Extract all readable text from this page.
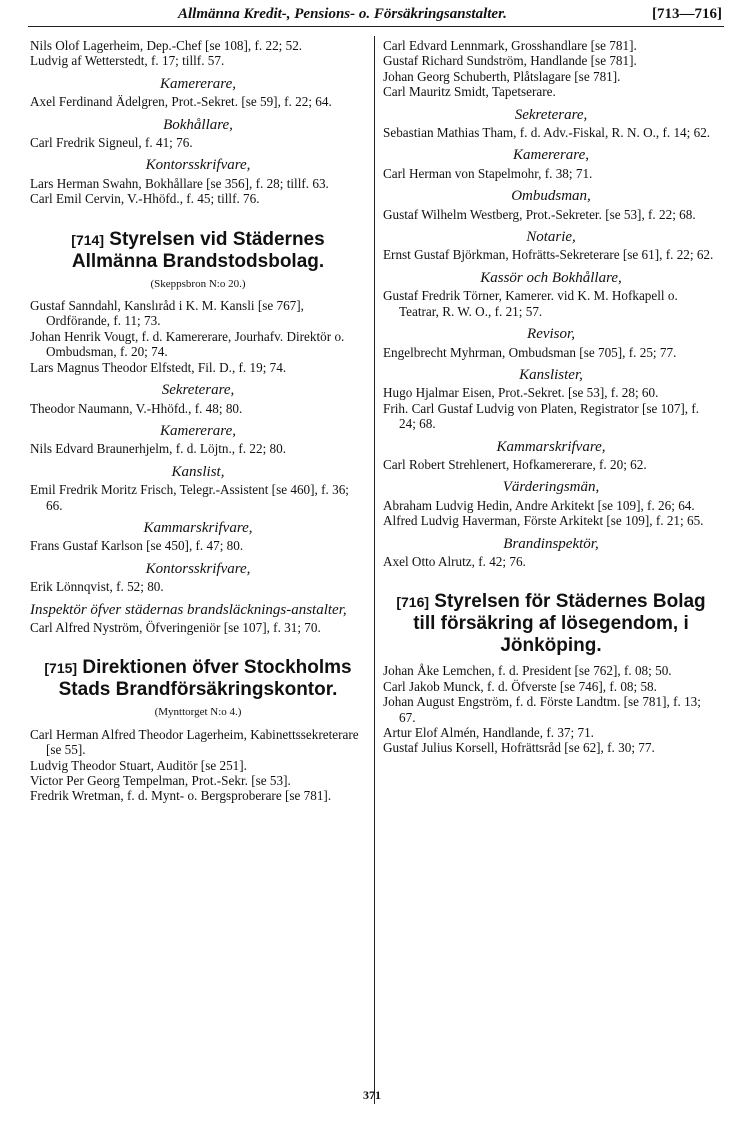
Allmänna Kredit-, Pensions- o. Försäkringsanstalter.	[713—716]
Nils Olof Lagerheim, Dep.-Chef [se 108], f. 22; 52.
Ludvig af Wetterstedt, f. 17; tillf. 57.
Kamererare,
Axel Ferdinand Ädelgren, Prot.-Sekret. [se 59], f. 22; 64.
Bokhållare,
Carl Fredrik Signeul, f. 41; 76.
Kontorsskrifvare,
Lars Herman Swahn, Bokhållare [se 356], f. 28; tillf. 63.
Carl Emil Cervin, V.-Hhöfd., f. 45; tillf. 76.
[714] Styrelsen vid Städernes Allmänna Brandstodsbolag.
(Skeppsbron N:o 20.)
Gustaf Sanndahl, Kanslıråd i K. M. Kansli [se 767], Ordförande, f. 11; 73.
Johan Henrik Vougt, f. d. Kamererare, Jourhafv. Direktör o. Ombudsman, f. 20; 74.
Lars Magnus Theodor Elfstedt, Fil. D., f. 19; 74.
Sekreterare,
Theodor Naumann, V.-Hhöfd., f. 48; 80.
Kamererare,
Nils Edvard Braunerhjelm, f. d. Löjtn., f. 22; 80.
Kanslist,
Emil Fredrik Moritz Frisch, Telegr.-Assistent [se 460], f. 36; 66.
Kammarskrifvare,
Frans Gustaf Karlson [se 450], f. 47; 80.
Kontorsskrifvare,
Erik Lönnqvist, f. 52; 80.
Inspektör öfver städernas brandsläcknings-anstalter,
Carl Alfred Nyström, Öfveringeniör [se 107], f. 31; 70.
[715] Direktionen öfver Stockholms Stads Brandförsäkringskontor.
(Mynttorget N:o 4.)
Carl Herman Alfred Theodor Lagerheim, Kabinettssekreterare [se 55].
Ludvig Theodor Stuart, Auditör [se 251].
Victor Per Georg Tempelman, Prot.-Sekr. [se 53].
Fredrik Wretman, f. d. Mynt- o. Bergsproberare [se 781].
Carl Edvard Lennmark, Grosshandlare [se 781].
Gustaf Richard Sundström, Handlande [se 781].
Johan Georg Schuberth, Plåtslagare [se 781].
Carl Mauritz Smidt, Tapetserare.
Sekreterare,
Sebastian Mathias Tham, f. d. Adv.-Fiskal, R. N. O., f. 14; 62.
Kamererare,
Carl Herman von Stapelmohr, f. 38; 71.
Ombudsman,
Gustaf Wilhelm Westberg, Prot.-Sekreter. [se 53], f. 22; 68.
Notarie,
Ernst Gustaf Björkman, Hofrätts-Sekreterare [se 61], f. 22; 62.
Kassör och Bokhållare,
Gustaf Fredrik Törner, Kamerer. vid K. M. Hofkapell o. Teatrar, R. W. O., f. 21; 57.
Revisor,
Engelbrecht Myhrman, Ombudsman [se 705], f. 25; 77.
Kanslister,
Hugo Hjalmar Eisen, Prot.-Sekret. [se 53], f. 28; 60.
Frih. Carl Gustaf Ludvig von Platen, Registrator [se 107], f. 24; 68.
Kammarskrifvare,
Carl Robert Strehlenert, Hofkamererare, f. 20; 62.
Värderingsmän,
Abraham Ludvig Hedin, Andre Arkitekt [se 109], f. 26; 64.
Alfred Ludvig Haverman, Förste Arkitekt [se 109], f. 21; 65.
Brandinspektör,
Axel Otto Alrutz, f. 42; 76.
[716] Styrelsen för Städernes Bolag till försäkring af lösegendom, i Jönköping.
Johan Åke Lemchen, f. d. President [se 762], f. 08; 50.
Carl Jakob Munck, f. d. Öfverste [se 746], f. 08; 58.
Johan August Engström, f. d. Förste Landtm. [se 781], f. 13; 67.
Artur Elof Almén, Handlande, f. 37; 71.
Gustaf Julius Korsell, Hofrättsråd [se 62], f. 30; 77.
371
